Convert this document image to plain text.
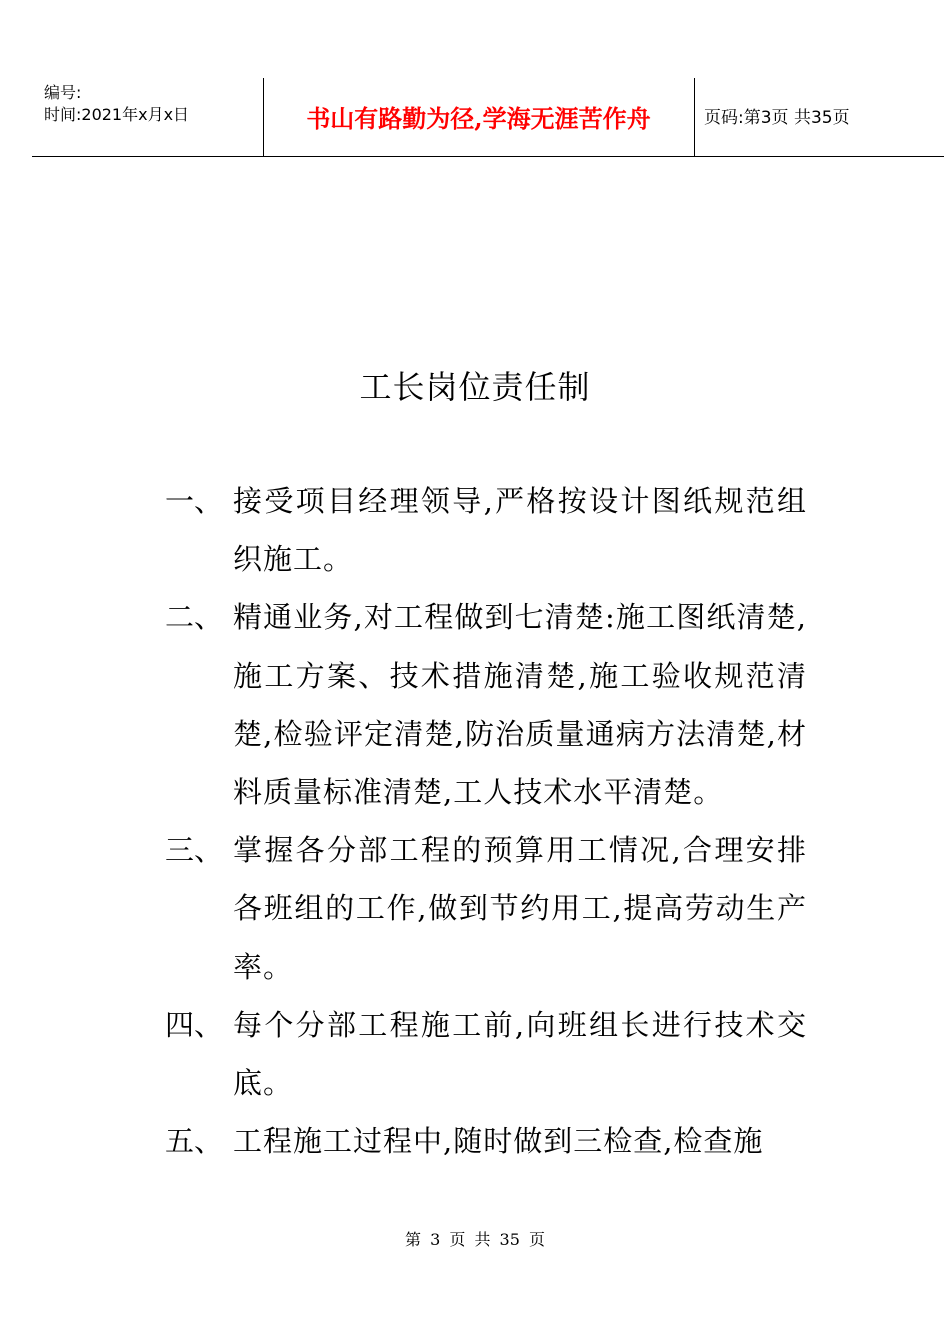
编号:
时间:2021年x月x日	书山有路勤为径,学海无涯苦作舟	页码:第3页 共35页
工长岗位责任制
一、 接受项目经理领导,严格按设计图纸规范组织施工。
二、 精通业务,对工程做到七清楚:施工图纸清楚,施工方案、技术措施清楚,施工验收规范清楚,检验评定清楚,防治质量通病方法清楚,材料质量标准清楚,工人技术水平清楚。
三、 掌握各分部工程的预算用工情况,合理安排各班组的工作,做到节约用工,提高劳动生产率。
四、 每个分部工程施工前,向班组长进行技术交底。
五、 工程施工过程中,随时做到三检查,检查施
第 3 页 共 35 页
